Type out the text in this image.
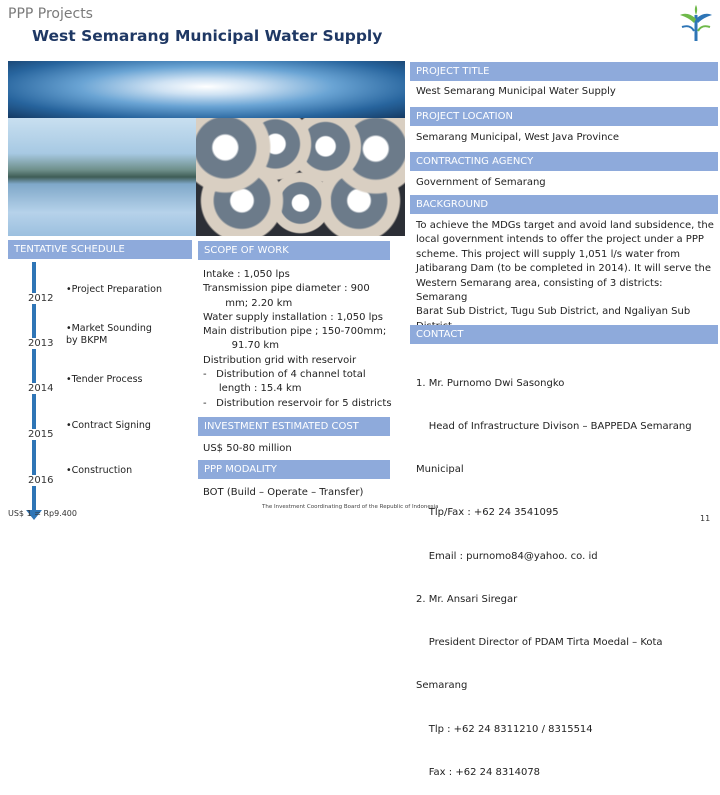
PPP Projects
West Semarang Municipal Water Supply
PROJECT TITLE
West Semarang Municipal Water Supply
PROJECT LOCATION
Semarang Municipal, West Java Province
CONTRACTING AGENCY
Government of Semarang
BACKGROUND
To achieve the MDGs target and avoid land subsidence, the
local government intends to offer the project under a PPP
scheme. This project will supply 1,051 l/s water from
Jatibarang Dam (to be completed in 2014). It will serve the
Western Semarang area, consisting of 3 districts: Semarang
Barat Sub District, Tugu Sub District, and Ngaliyan Sub
CONTACT

1. Mr. Purnomo Dwi Sasongko

Head of Infrastructure Divison – BAPPEDA Semarang

Municipal

Tlp/Fax : +62 24 3541095

Email : purnomo84@yahoo. co. id

2. Mr. Ansari Siregar

President Director of PDAM Tirta Moedal – Kota

Semarang

Tlp : +62 24 8311210 / 8315514

Fax : +62 24 8314078

TENTATIVE SCHEDULE
2012
2013
2014
2015
2016
•Project Preparation
•Market Sounding by BKPM
•Tender Process
•Contract Signing
•Construction
US$ 1 = Rp9.400
SCOPE OF WORK
Intake : 1,050 lps
Transmission pipe diameter : 900
mm; 2.20 km
Water supply installation : 1,050 lps
Main distribution pipe ; 150-700mm;
91.70 km
Distribution grid with reservoir
-   Distribution of 4 channel total
length : 15.4 km
-   Distribution reservoir for 5 districts
INVESTMENT ESTIMATED COST
US$ 50-80 million
PPP MODALITY
BOT (Build – Operate – Transfer)
The Investment Coordinating Board of the Republic of Indonesia
11
